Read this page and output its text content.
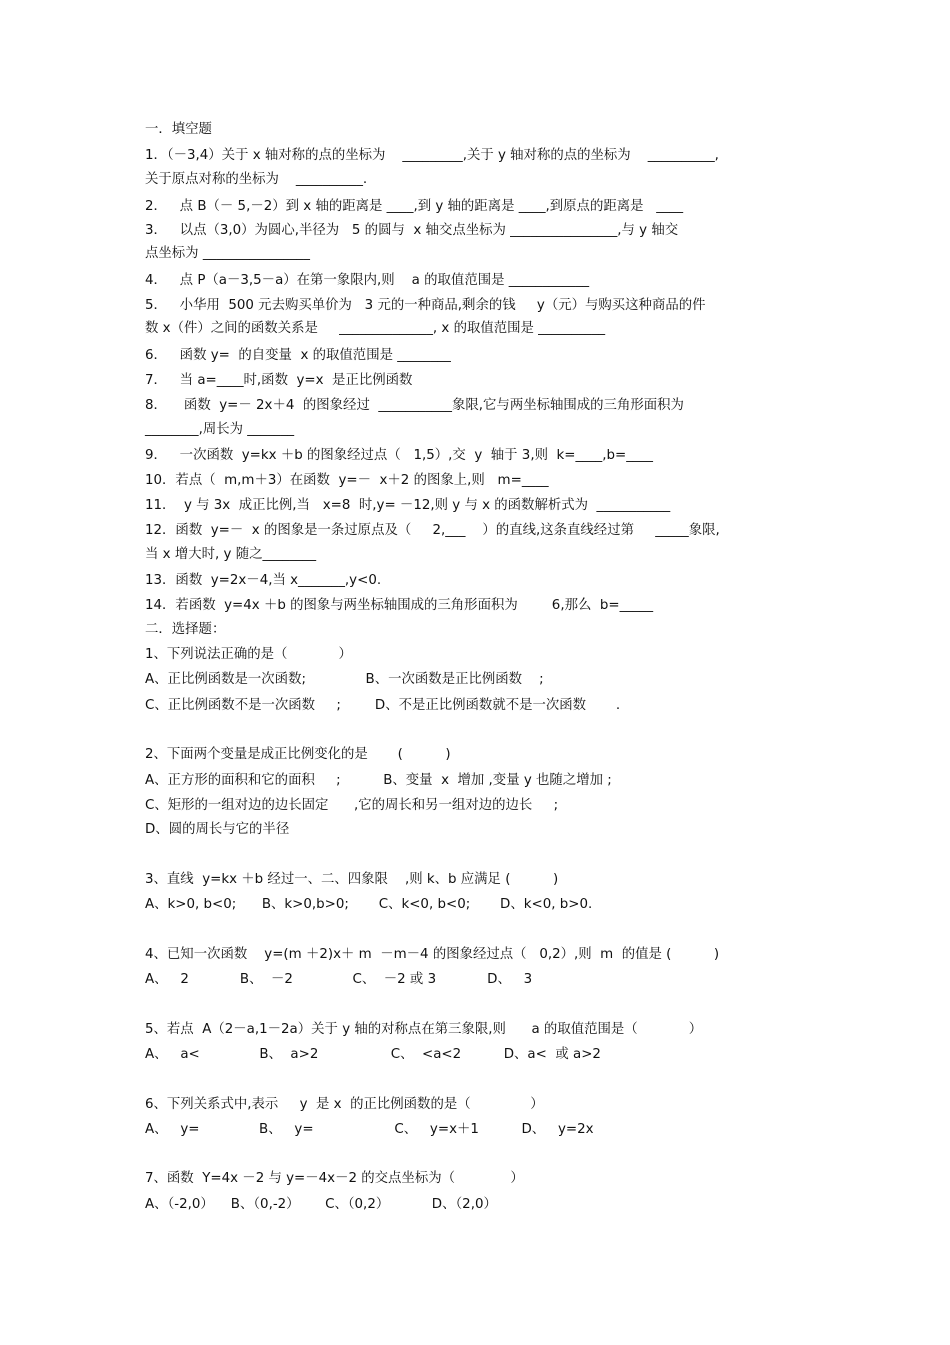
一．填空题
1．（－3,4）关于 x 轴对称的点的坐标为    _________,关于 y 轴对称的点的坐标为    __________,
关于原点对称的坐标为    __________.
2．   点 B（－ 5,－2）到 x 轴的距离是 ____,到 y 轴的距离是 ____,到原点的距离是   ____
3．   以点（3,0）为圆心,半径为   5 的圆与  x 轴交点坐标为 ________________,与 y 轴交
点坐标为 ________________
4．   点 P（a－3,5－a）在第一象限内,则    a 的取值范围是 ____________
5．   小华用  500 元去购买单价为   3 元的一种商品,剩余的钱     y（元）与购买这种商品的件
数 x（件）之间的函数关系是     ______________, x 的取值范围是 __________
6．   函数 y=  的自变量  x 的取值范围是 ________
7．   当 a=____时,函数  y=x  是正比例函数
8．    函数  y=－ 2x＋4  的图象经过  ___________象限,它与两坐标轴围成的三角形面积为
________,周长为 _______
9．   一次函数  y=kx ＋b 的图象经过点（   1,5）,交  y  轴于 3,则  k=____,b=____
10．若点（  m,m＋3）在函数  y=－  x＋2 的图象上,则   m=____
11．  y 与 3x  成正比例,当   x=8  时,y= －12,则 y 与 x 的函数解析式为  ___________
12．函数  y=－  x 的图象是一条过原点及（     2,___    ）的直线,这条直线经过第     _____象限,
当 x 增大时, y 随之________
13．函数  y=2x－4,当 x_______,y<0.
14．若函数  y=4x ＋b 的图象与两坐标轴围成的三角形面积为        6,那么  b=_____
二．选择题：
1、下列说法正确的是（            ）
A、正比例函数是一次函数;              B、一次函数是正比例函数    ;
C、正比例函数不是一次函数     ;        D、不是正比例函数就不是一次函数       .
2、下面两个变量是成正比例变化的是       (          )
A、正方形的面积和它的面积     ;          B、变量  x  增加 ,变量 y 也随之增加 ;
C、矩形的一组对边的边长固定      ,它的周长和另一组对边的边长     ;
D、圆的周长与它的半径
3、直线  y=kx ＋b 经过一、二、四象限    ,则 k、b 应满足 (          )
A、k>0, b<0;      B、k>0,b>0;       C、k<0, b<0;       D、k<0, b>0.
4、已知一次函数    y=(m ＋2)x＋ m  －m－4 的图象经过点（   0,2）,则  m  的值是 (          )
A、   2            B、  －2              C、  －2 或 3            D、   3
5、若点  A（2－a,1－2a）关于 y 轴的对称点在第三象限,则      a 的取值范围是（            ）
A、   a<              B、  a>2                 C、  <a<2          D、a<  或 a>2
6、下列关系式中,表示     y  是 x  的正比例函数的是（              ）
A、   y=              B、   y=                   C、   y=x＋1          D、   y=2x
7、函数  Y=4x －2 与 y=－4x－2 的交点坐标为（             ）
A、（-2,0）    B、（0,-2）      C、（0,2）          D、（2,0）
